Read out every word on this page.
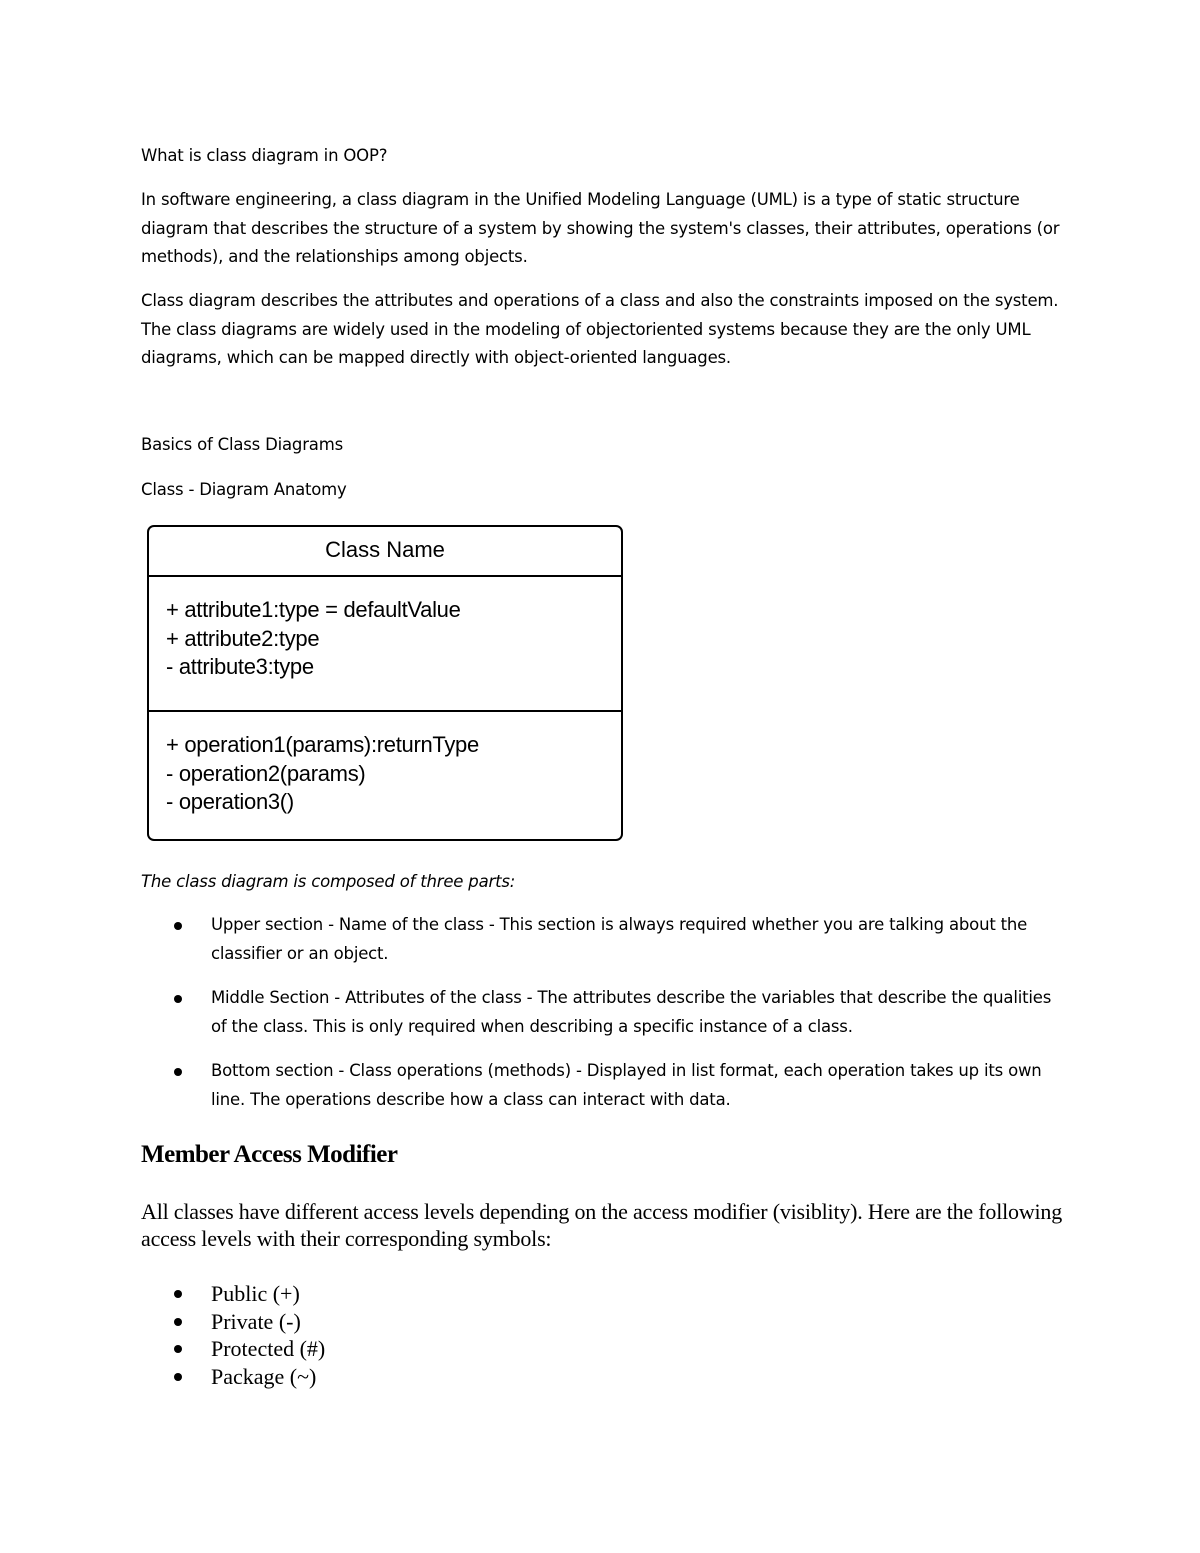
What is class diagram in OOP?

In software engineering, a class diagram in the Unified Modeling Language (UML) is a type of static structure diagram that describes the structure of a system by showing the system's classes, their attributes, operations (or methods), and the relationships among objects.

Class diagram describes the attributes and operations of a class and also the constraints imposed on the system. The class diagrams are widely used in the modeling of objectoriented systems because they are the only UML diagrams, which can be mapped directly with object-oriented languages.

Basics of Class Diagrams

Class - Diagram Anatomy

Class Name
+ attribute1:type = defaultValue
+ attribute2:type
- attribute3:type
+ operation1(params):returnType
- operation2(params)
- operation3()

The class diagram is composed of three parts:

Upper section - Name of the class - This section is always required whether you are talking about the classifier or an object.
Middle Section - Attributes of the class - The attributes describe the variables that describe the qualities of the class. This is only required when describing a specific instance of a class.
Bottom section - Class operations (methods) - Displayed in list format, each operation takes up its own line. The operations describe how a class can interact with data.
Member Access Modifier

All classes have different access levels depending on the access modifier (visiblity). Here are the following access levels with their corresponding symbols:

Public (+)
Private (-)
Protected (#)
Package (~)
